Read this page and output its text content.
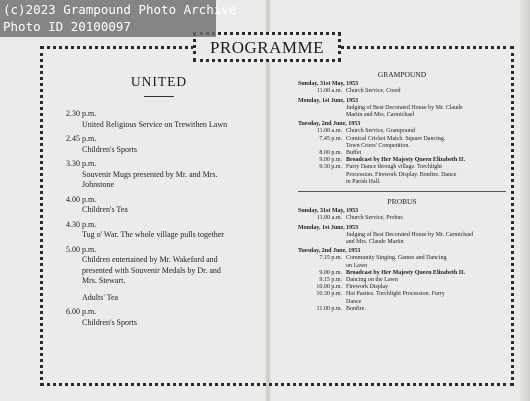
PROGRAMME
UNITED
2.30 p.m.
United Religious Service on Trewithen Lawn
2.45 p.m.
Children's Sports
3.30 p.m.
Souvenir Mugs presented by Mr. and Mrs.
Johnstone
4.00 p.m.
Children's Tea
4.30 p.m.
Tug o' War. The whole village pulls together
5.00 p.m.
Children entertained by Mr. Wakeford and
presented with Souvenir Medals by Dr. and
Mrs. Stewart.
Adults' Tea
6.00 p.m.
Children's Sports
GRAMPOUND
Sunday, 31st May, 1953
11.00 a.m. Church Service, Creed
Monday, 1st June, 1953
Judging of Best Decorated House by Mr. Claude
Martin and Mrs. Carmichael
Tuesday, 2nd June, 1953
11.00 a.m. Church Service, Grampound
7.45 p.m. Comical Cricket Match. Square Dancing.
Town Criers' Competition.
8.00 p.m. Buffet
9.00 p.m. Broadcast by Her Majesty Queen Elizabeth II.
9.30 p.m. Furry Dance through village. Torchlight
Procession. Firework Display. Bonfire. Dance
in Parish Hall.
PROBUS
Sunday, 31st May, 1953
11.00 a.m. Church Service, Probus
Monday, 1st June, 1953
Judging of Best Decorated House by Mr. Carmichael
and Mrs. Claude Martin
Tuesday, 2nd June, 1953
7.15 p.m. Community Singing. Games and Dancing
on Lawn
9.00 p.m. Broadcast by Her Majesty Queen Elizabeth II.
9.15 p.m. Dancing on the Lawn
10.00 p.m. Firework Display
10.30 p.m. Hot Pasties. Torchlight Procession. Furry
Dance
11.00 p.m. Bonfire.
(c)2023 Grampound Photo Archive
Photo ID 20100097
